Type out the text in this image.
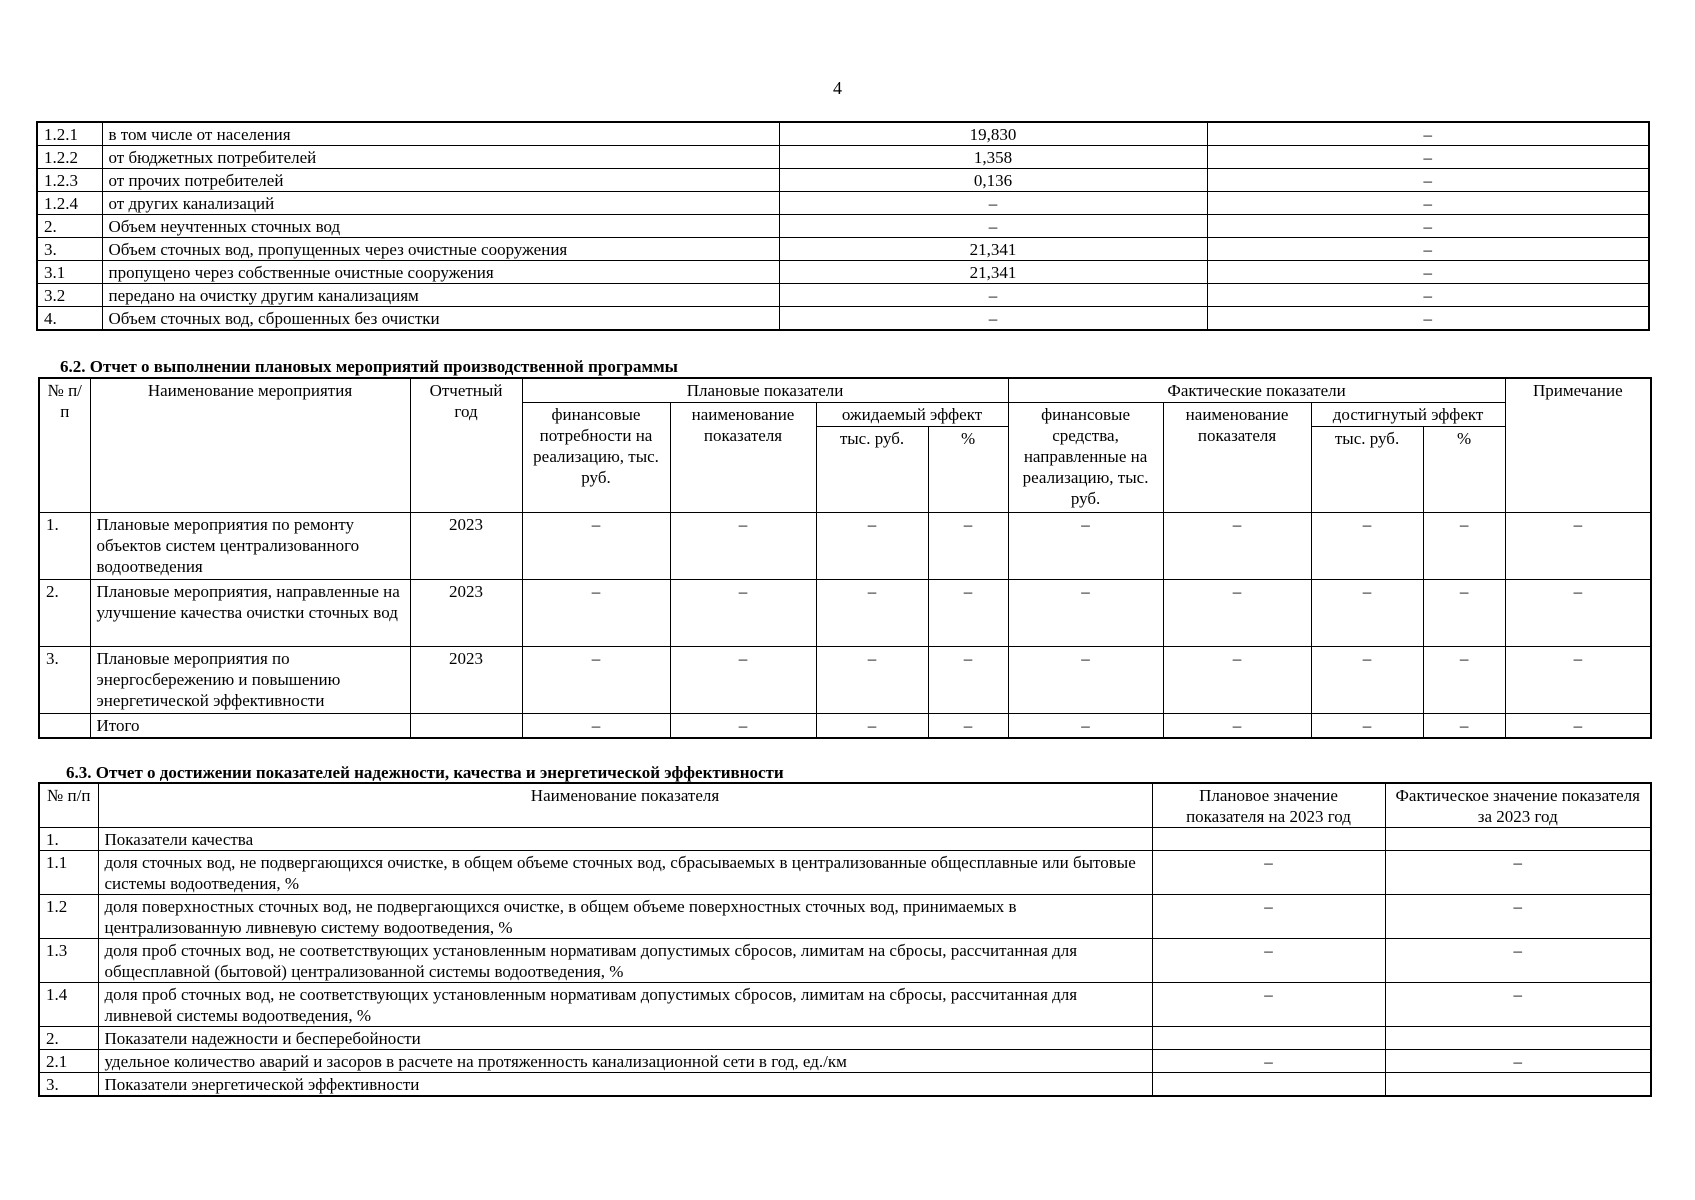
4
1.2.1	в том числе от населения	19,830	–
1.2.2	от бюджетных потребителей	1,358	–
1.2.3	от прочих потребителей	0,136	–
1.2.4	от других канализаций	–	–
2.	Объем неучтенных сточных вод	–	–
3.	Объем сточных вод, пропущенных через очистные сооружения	21,341	–
3.1	пропущено через собственные очистные сооружения	21,341	–
3.2	передано на очистку другим канализациям	–	–
4.	Объем сточных вод, сброшенных без очистки	–	–
6.2. Отчет о выполнении плановых мероприятий производственной программы
№ п/п	Наименование мероприятия	Отчетный год	Плановые показатели				Фактические показатели				Примечание
			финансовые потребности на реализацию, тыс. руб.	наименование показателя	ожидаемый эффект		финансовые средства, направленные на реализацию, тыс. руб.	наименование показателя	достигнутый эффект		
					тыс. руб.	%			тыс. руб.	%	
1.	Плановые мероприятия по ремонту объектов систем централизованного водоотведения	2023	–	–	–	–	–	–	–	–	–
2.	Плановые мероприятия, направленные на улучшение качества очистки сточных вод	2023	–	–	–	–	–	–	–	–	–
3.	Плановые мероприятия по энергосбережению и повышению энергетической эффективности	2023	–	–	–	–	–	–	–	–	–
	Итого		–	–	–	–	–	–	–	–	–
6.3. Отчет о достижении показателей надежности, качества и энергетической эффективности
№ п/п	Наименование показателя	Плановое значение показателя на 2023 год	Фактическое значение показателя за 2023 год
1.	Показатели качества		
1.1	доля сточных вод, не подвергающихся очистке, в общем объеме сточных вод, сбрасываемых в централизованные общесплавные или бытовые системы водоотведения, %	–	–
1.2	доля поверхностных сточных вод, не подвергающихся очистке, в общем объеме поверхностных сточных вод, принимаемых в централизованную ливневую систему водоотведения, %	–	–
1.3	доля проб сточных вод, не соответствующих установленным нормативам допустимых сбросов, лимитам на сбросы, рассчитанная для общесплавной (бытовой) централизованной системы водоотведения, %	–	–
1.4	доля проб сточных вод, не соответствующих установленным нормативам допустимых сбросов, лимитам на сбросы, рассчитанная для ливневой системы водоотведения, %	–	–
2.	Показатели надежности и бесперебойности		
2.1	удельное количество аварий и засоров в расчете на протяженность канализационной сети в год, ед./км	–	–
3.	Показатели энергетической эффективности		
